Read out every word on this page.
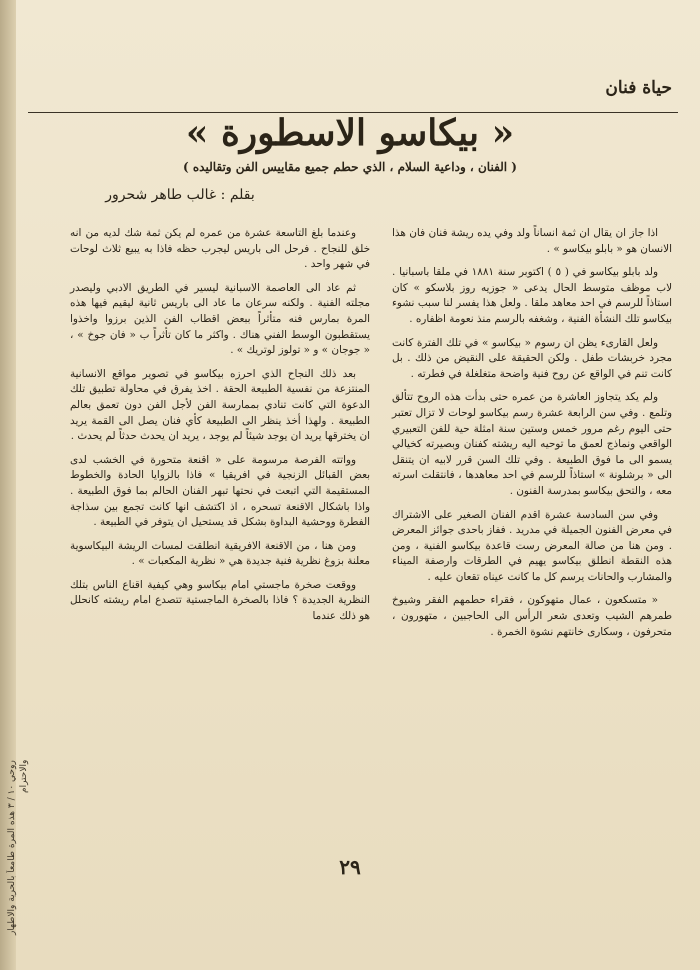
حياة فنان
« بيكاسو الاسطورة »
( الفنان ، وداعية السلام ، الذي حطم جميع مقاييس الفن وتقاليده )
بقلم : غالب طاهر شحرور

اذا جاز ان يقال ان ثمة انساناً ولد وفي يده ريشة فنان فان هذا الانسان هو « بابلو بيكاسو » .

ولد بابلو بيكاسو في ( ٥ ) اكتوبر سنة ١٨٨١ في ملقا باسبانيا . لاب موظف متوسط الحال يدعى « جوزيه روز بلاسكو » كان استاذاً للرسم في احد معاهد ملقا . ولعل هذا يفسر لنا سبب نشوء بيكاسو تلك النشأة الفنية ، وشغفه بالرسم منذ نعومة اظفاره .

ولعل القارىء يظن ان رسوم « بيكاسو » في تلك الفترة كانت مجرد خربشات طفل . ولكن الحقيقة على النقيض من ذلك . بل كانت تنم في الواقع عن روح فنية واضحة متغلغلة في فطرته .

ولم يكد يتجاوز العاشرة من عمره حتى بدأت هذه الروح تتألق وتلمع . وفي سن الرابعة عشرة رسم بيكاسو لوحات لا تزال تعتبر حتى اليوم رغم مرور خمس وستين سنة امثلة حية للفن التعبيري الواقعي ونماذج لعمق ما توحيه اليه ريشته كفنان وبصيرته كخيالي يسمو الى ما فوق الطبيعة . وفي تلك السن قرر لابيه ان يتنقل الى « برشلونة » استاذاً للرسم في احد معاهدها ، فانتقلت اسرته معه ، والتحق بيكاسو بمدرسة الفنون .

وفي سن السادسة عشرة اقدم الفنان الصغير على الاشتراك في معرض الفنون الجميلة في مدريد . ففاز باحدى جوائز المعرض . ومن هنا من صالة المعرض رست قاعدة بيكاسو الفنية ، ومن هذه النقطة انطلق بيكاسو يهيم في الطرقات وارصفة الميناء والمشارب والحانات يرسم كل ما كانت عيناه تقعان عليه .

« متسكعون ، عمال متهوكون ، فقراء حطمهم الفقر وشيوخ طمرهم الشيب وتعدى شعر الرأس الى الحاجبين ، متهورون ، متحرفون ، وسكارى خانتهم نشوة الخمرة .

وعندما بلغ التاسعة عشرة من عمره لم يكن ثمة شك لديه من انه خلق للنجاح . فرحل الى باريس ليجرب حظه فاذا به يبيع ثلاث لوحات في شهر واحد .

ثم عاد الى العاصمة الاسبانية ليسير في الطريق الادبي وليصدر مجلته الفنية . ولكنه سرعان ما عاد الى باريس ثانية ليقيم فيها هذه المرة بمارس فنه متأثراً ببعض اقطاب الفن الذين برزوا واخذوا يستقطبون الوسط الفني هناك . واكثر ما كان تأثراً ب « فان جوخ » ، « جوجان » و « تولوز لوتريك » .

بعد ذلك النجاح الذي احرزه بيكاسو في تصوير مواقع الانسانية المنتزعة من نفسية الطبيعة الحقة . اخذ يفرق في محاولة تطبيق تلك الدعوة التي كانت تنادي بممارسة الفن لأجل الفن دون تعمق بعالم الطبيعة . ولهذا أخذ ينظر الى الطبيعة كأي فنان يصل الى القمة يريد ان يخترقها يريد ان يوجد شيئاً لم يوجد ، يريد ان يحدث حدثاً لم يحدث .

وواتته الفرصة مرسومة على « اقنعة متحورة في الخشب لدى بعض القبائل الزنجية في افريقيا » فاذا بالزوايا الحادة والخطوط المستقيمة التي اتبعت في نحتها تبهر الفنان الحالم بما فوق الطبيعة . واذا باشكال الاقنعة تسحره ، اذ اكتشف انها كانت تجمع بين سذاجة الفطرة ووحشية البداوة بشكل قد يستحيل ان يتوفر في الطبيعة .

ومن هنا ، من الاقنعة الافريقية انطلقت لمسات الريشة البيكاسوية معلنة بزوغ نظرية فنية جديدة هي « نظرية المكعبات » .

ووقعت صخرة ماجستي امام بيكاسو وهي كيفية اقناع الناس بتلك النظرية الجديدة ؟ فاذا بالصخرة الماجستية تتصدع امام ريشته كانحلل هو ذلك عندما

٢٩
روحي ١٠ / ٣ هذه المرة طامعاً بالحرية والاطهار والاحترام
